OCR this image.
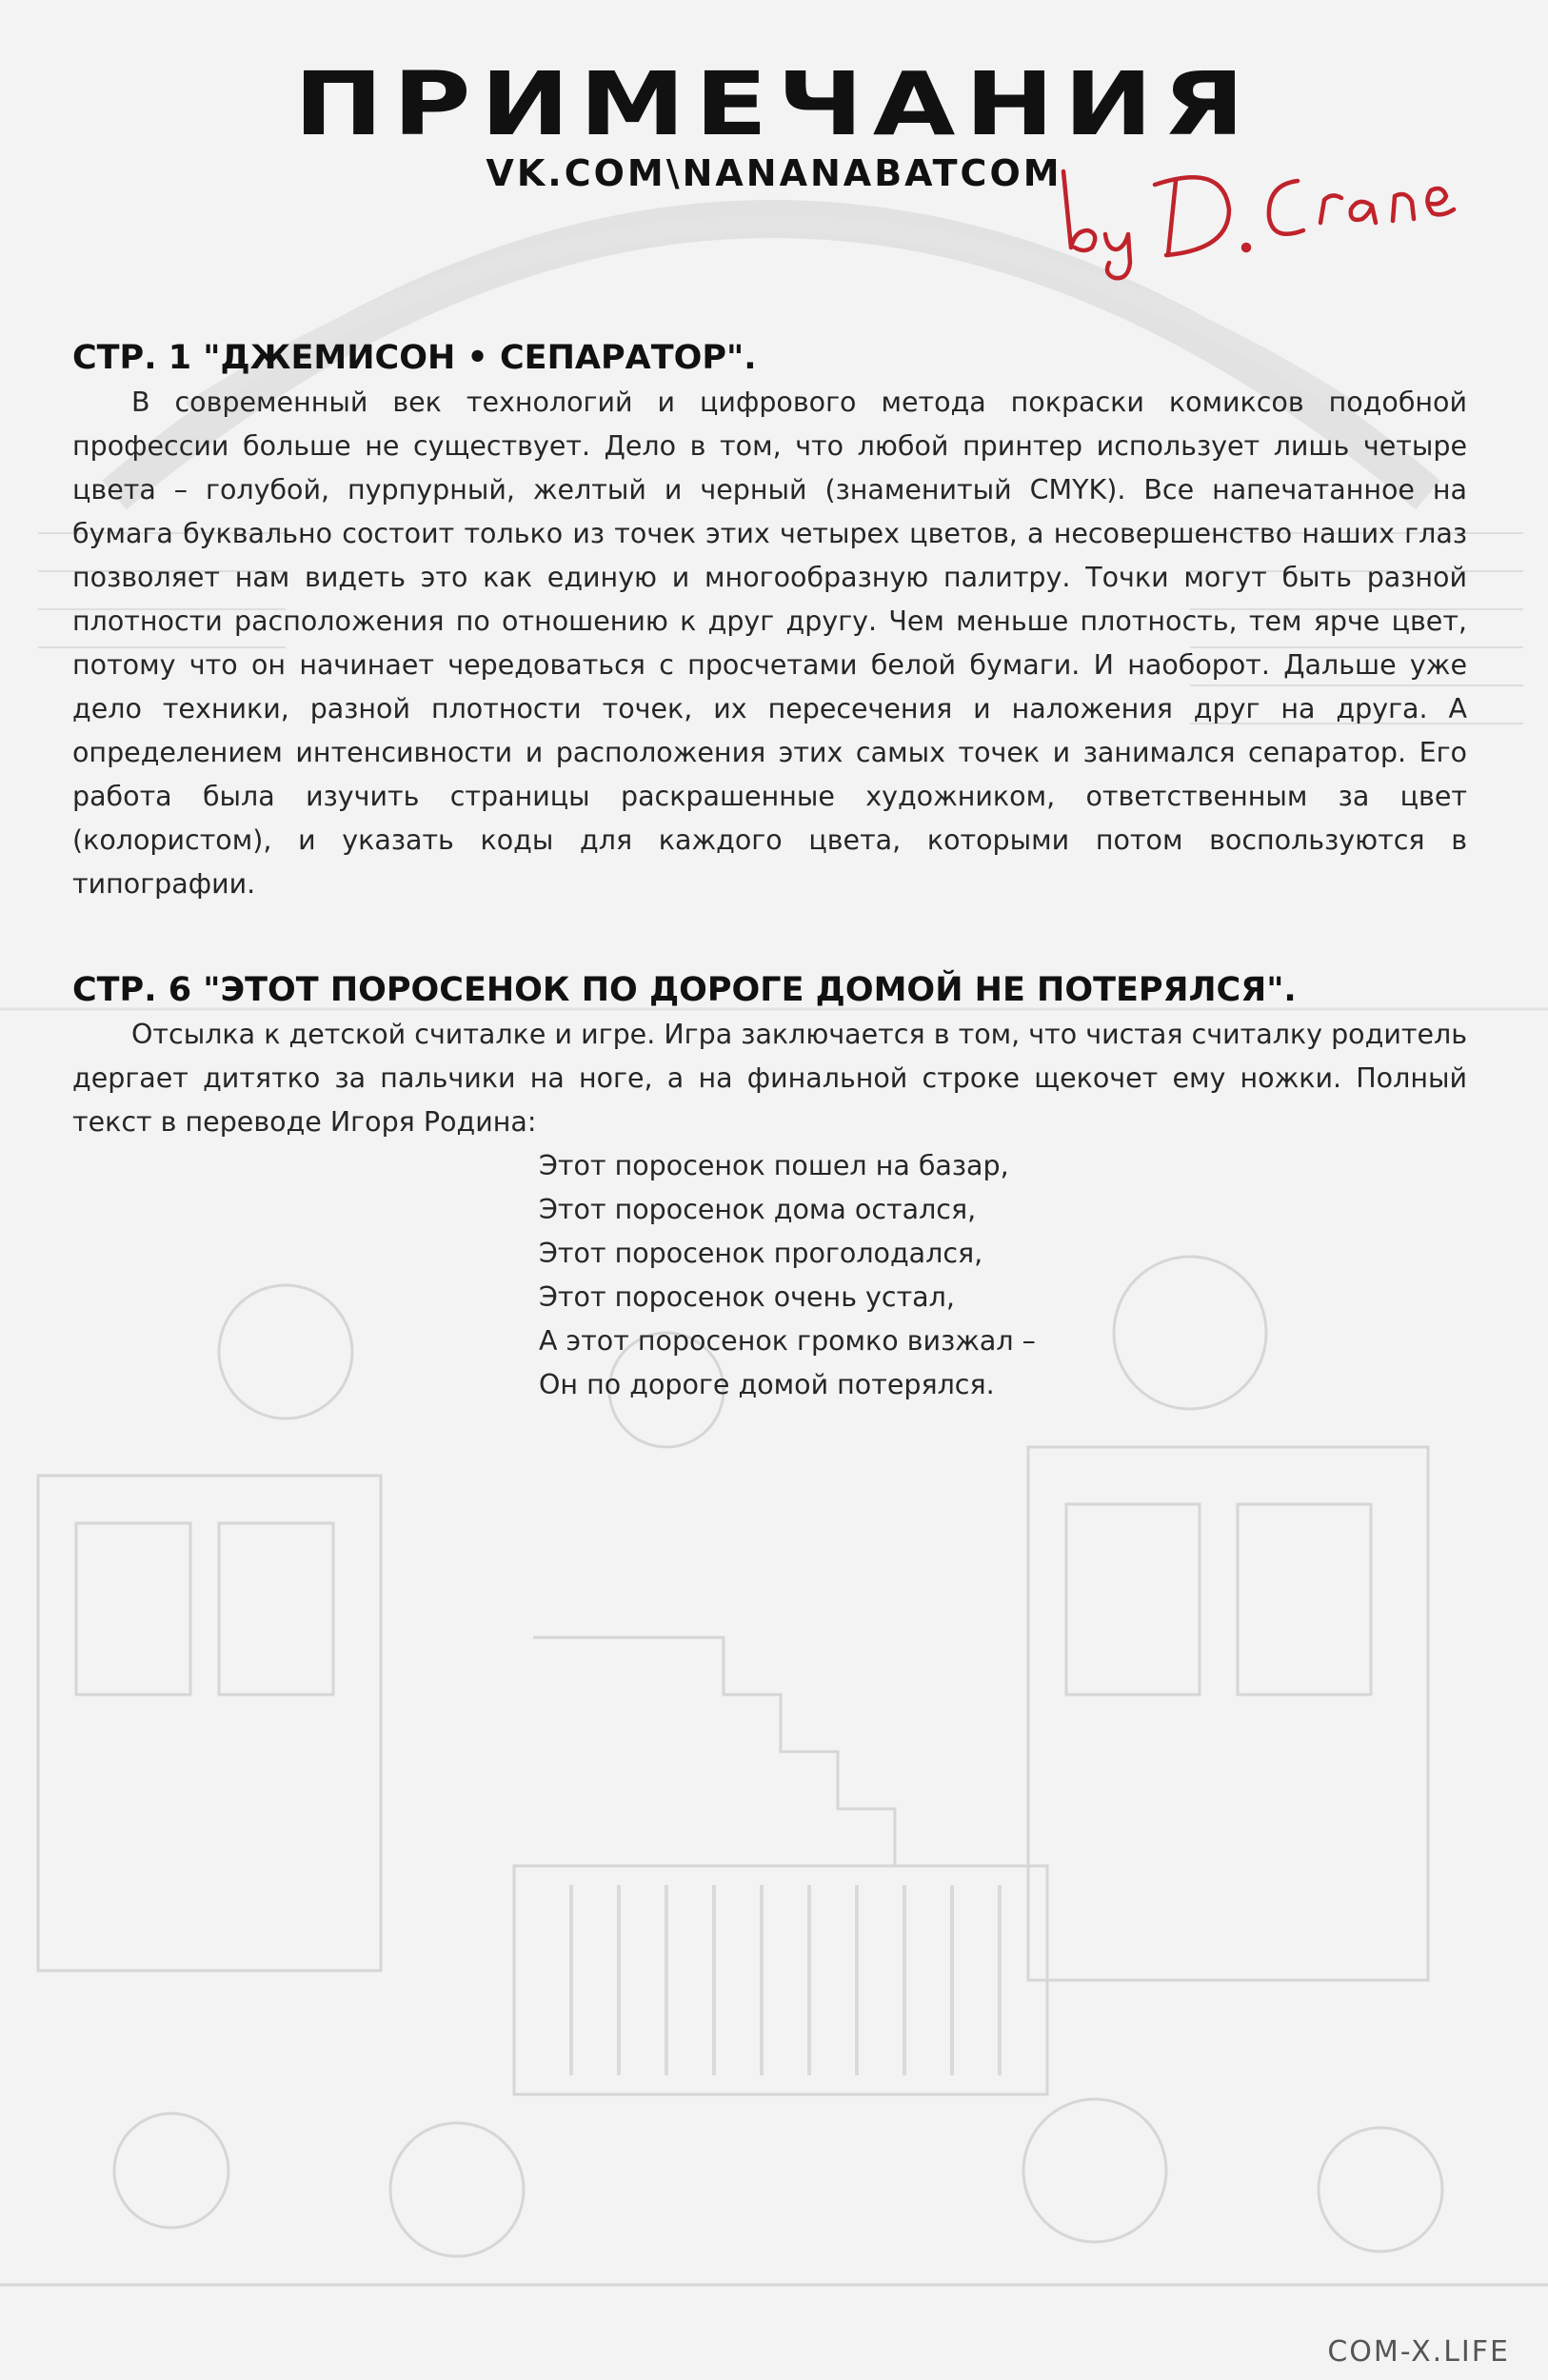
ПРИМЕЧАНИЯ
VK.COM\NANANABATCOM
СТР. 1 "ДЖЕМИСОН • СЕПАРАТОР".

В современный век технологий и цифрового метода покраски комиксов подобной профессии больше не существует. Дело в том, что любой принтер использует лишь четыре цвета – голубой, пурпурный, желтый и черный (знаменитый CMYK). Все напечатанное на бумага буквально состоит только из точек этих четырех цветов, а несовершенство наших глаз позволяет нам видеть это как единую и многообразную палитру. Точки могут быть разной плотности расположения по отношению к друг другу. Чем меньше плотность, тем ярче цвет, потому что он начинает чередоваться с просчетами белой бумаги. И наоборот. Дальше уже дело техники, разной плотности точек, их пересечения и наложения друг на друга. А определением интенсивности и расположения этих самых точек и занимался сепаратор. Его работа была изучить страницы раскрашенные художником, ответственным за цвет (колористом), и указать коды для каждого цвета, которыми потом воспользуются в типографии.

СТР. 6 "ЭТОТ ПОРОСЕНОК ПО ДОРОГЕ ДОМОЙ НЕ ПОТЕРЯЛСЯ".

Отсылка к детской считалке и игре. Игра заключается в том, что чистая считалку родитель дергает дитятко за пальчики на ноге, а на финальной строке щекочет ему ножки. Полный текст в переводе Игоря Родина:

Этот поросенок пошел на базар,
Этот поросенок дома остался,
Этот поросенок проголодался,
Этот поросенок очень устал,
А этот поросенок громко визжал –
Он по дороге домой потерялся.
COM-X.LIFE
